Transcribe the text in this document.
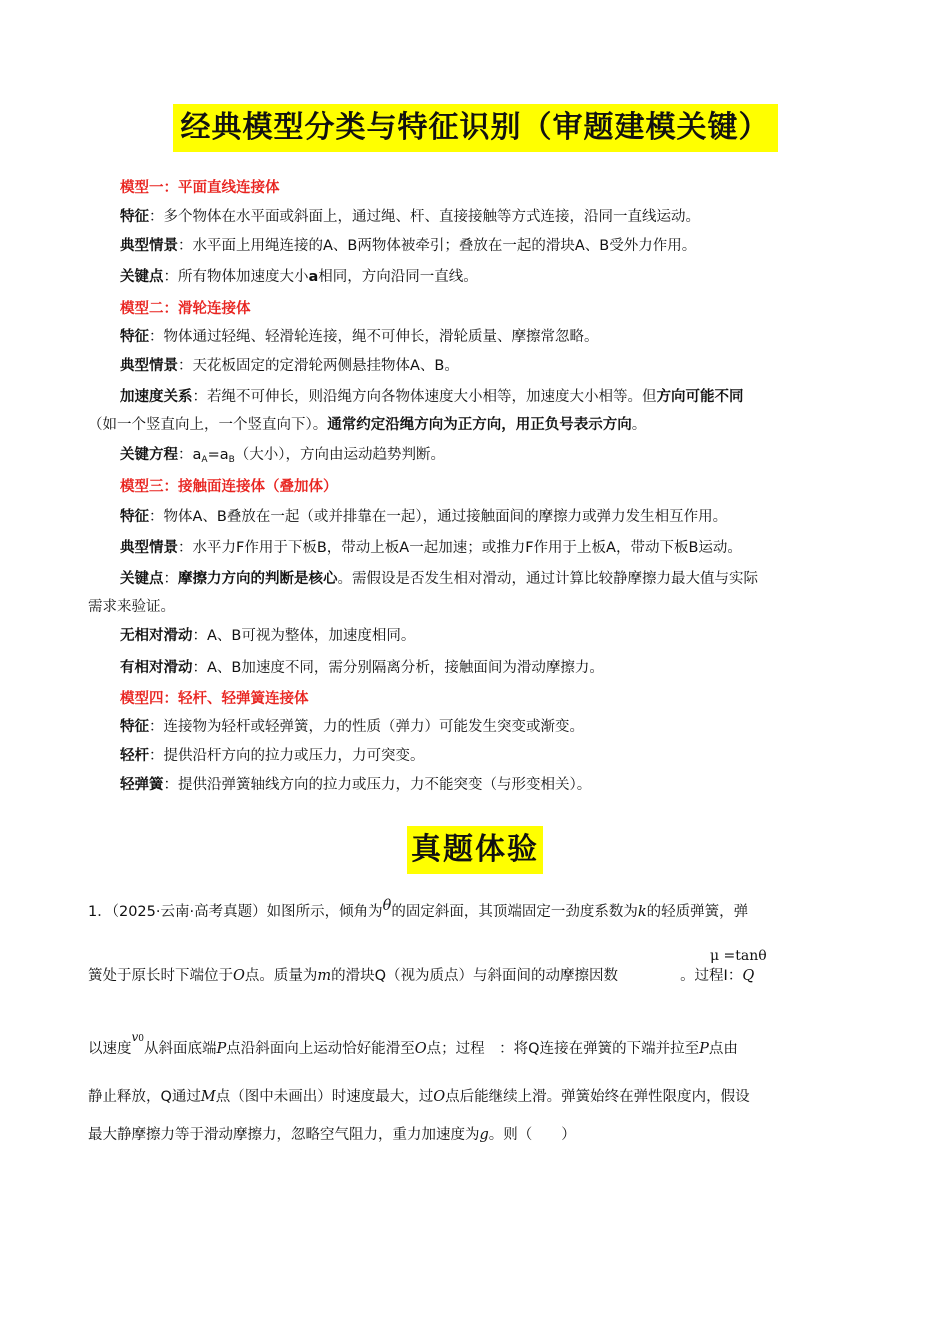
经典模型分类与特征识别（审题建模关键）
模型一：平面直线连接体
特征：多个物体在水平面或斜面上，通过绳、杆、直接接触等方式连接，沿同一直线运动。
典型情景：水平面上用绳连接的A、B两物体被牵引；叠放在一起的滑块A、B受外力作用。
关键点：所有物体加速度大小a相同，方向沿同一直线。
模型二：滑轮连接体
特征：物体通过轻绳、轻滑轮连接，绳不可伸长，滑轮质量、摩擦常忽略。
典型情景：天花板固定的定滑轮两侧悬挂物体A、B。
加速度关系：若绳不可伸长，则沿绳方向各物体速度大小相等，加速度大小相等。但方向可能不同
（如一个竖直向上，一个竖直向下）。通常约定沿绳方向为正方向，用正负号表示方向。
关键方程：$a_A=a_B$（大小），方向由运动趋势判断。
模型三：接触面连接体（叠加体）
特征：物体A、B叠放在一起（或并排靠在一起），通过接触面间的摩擦力或弹力发生相互作用。
典型情景：水平力F作用于下板B，带动上板A一起加速；或推力F作用于上板A，带动下板B运动。
关键点：摩擦力方向的判断是核心。需假设是否发生相对滑动，通过计算比较静摩擦力最大值与实际
需求来验证。
无相对滑动：A、B可视为整体，加速度相同。
有相对滑动：A、B加速度不同，需分别隔离分析，接触面间为滑动摩擦力。
模型四：轻杆、轻弹簧连接体
特征：连接物为轻杆或轻弹簧，力的性质（弹力）可能发生突变或渐变。
轻杆：提供沿杆方向的拉力或压力，力可突变。
轻弹簧：提供沿弹簧轴线方向的拉力或压力，力不能突变（与形变相关）。
真题体验
1．（2025·云南·高考真题）如图所示，倾角为θ的固定斜面，其顶端固定一劲度系数为k的轻质弹簧，弹
μ =tanθ
簧处于原长时下端位于O点。质量为m的滑块Q（视为质点）与斜面间的动摩擦因数	。过程Ⅰ：Q
以速度$^{v0}$从斜面底端P点沿斜面向上运动恰好能滑至O点；过程　：将Q连接在弹簧的下端并拉至P点由
静止释放，Q通过M点（图中未画出）时速度最大，过O点后能继续上滑。弹簧始终在弹性限度内，假设
最大静摩擦力等于滑动摩擦力，忽略空气阻力，重力加速度为g。则（　　）
